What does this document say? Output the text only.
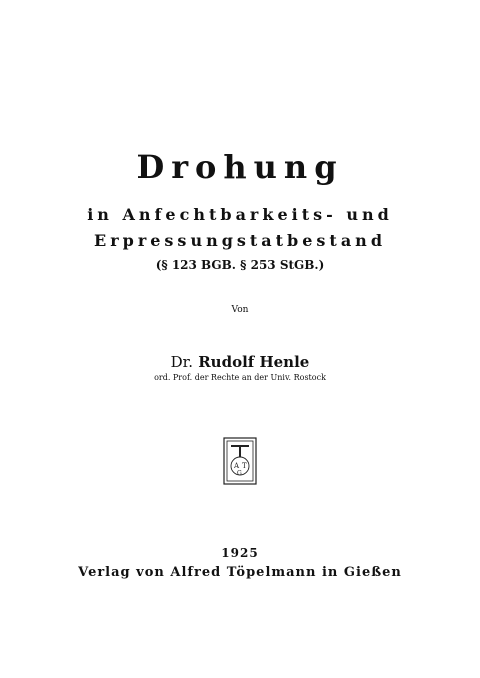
Drohung
in Anfechtbarkeits- und
Erpressungstatbestand
(§ 123 BGB. § 253 StGB.)
Von
Dr. Rudolf Henle
ord. Prof. der Rechte an der Univ. Rostock
A T
G
1925
Verlag von Alfred Töpelmann in Gießen
